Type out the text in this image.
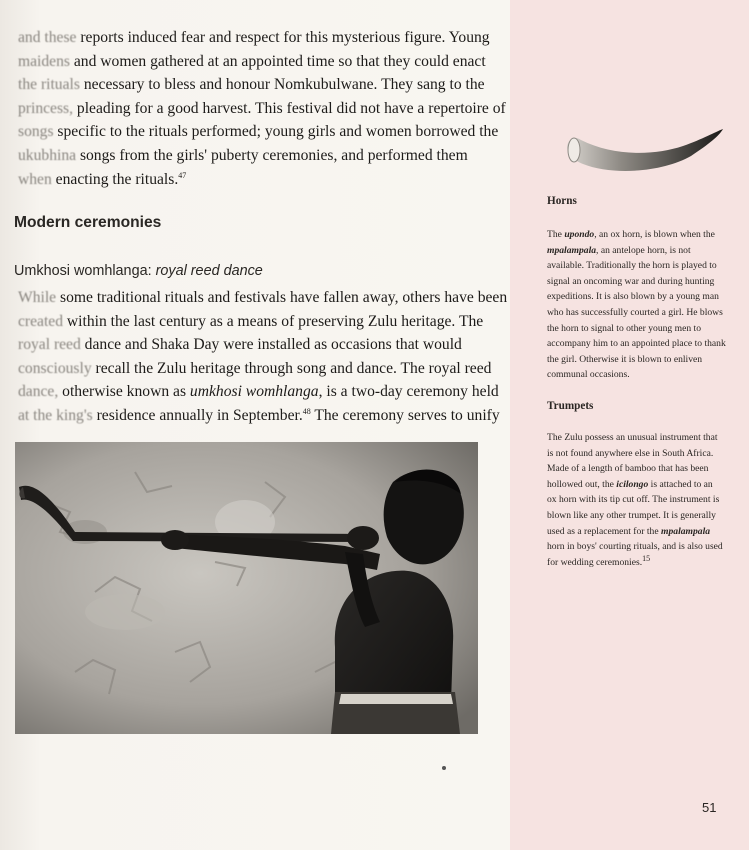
and these reports induced fear and respect for this mysterious figure. Young
maidens and women gathered at an appointed time so that they could enact
the rituals necessary to bless and honour Nomkubulwane. They sang to the
princess, pleading for a good harvest. This festival did not have a repertoire of
songs specific to the rituals performed; young girls and women borrowed the
ukubhina songs from the girls' puberty ceremonies, and performed them
when enacting the rituals.$^{47}$
Modern ceremonies
Umkhosi womhlanga: royal reed dance
While some traditional rituals and festivals have fallen away, others have been
created within the last century as a means of preserving Zulu heritage. The
royal reed dance and Shaka Day were installed as occasions that would
consciously recall the Zulu heritage through song and dance. The royal reed
dance, otherwise known as umkhosi womhlanga, is a two-day ceremony held
at the king's residence annually in September.$^{48}$ The ceremony serves to unify
Horns
The upondo, an ox horn, is blown when the
mpalampala, an antelope horn, is not
available. Traditionally the horn is played to
signal an oncoming war and during hunting
expeditions. It is also blown by a young man
who has successfully courted a girl. He blows
the horn to signal to other young men to
accompany him to an appointed place to thank
the girl. Otherwise it is blown to enliven
communal occasions.
Trumpets
The Zulu possess an unusual instrument that
is not found anywhere else in South Africa.
Made of a length of bamboo that has been
hollowed out, the icilongo is attached to an
ox horn with its tip cut off. The instrument is
blown like any other trumpet. It is generally
used as a replacement for the mpalampala
horn in boys' courting rituals, and is also used
for wedding ceremonies.$^{15}$
51
